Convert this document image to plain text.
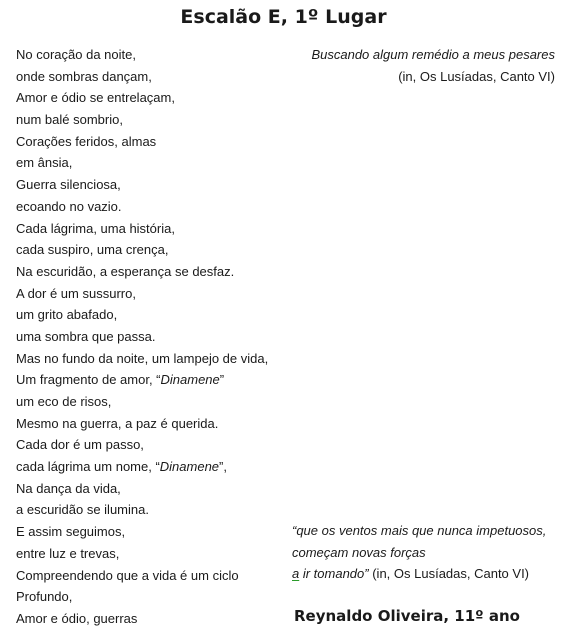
Escalão E, 1º Lugar
No coração da noite,
onde sombras dançam,
Amor e ódio se entrelaçam,
num balé sombrio,
Corações feridos, almas
em ânsia,
Guerra silenciosa,
ecoando no vazio.
Cada lágrima, uma história,
cada suspiro, uma crença,
Na escuridão, a esperança se desfaz.
A dor é um sussurro,
um grito abafado,
uma sombra que passa.
Mas no fundo da noite, um lampejo de vida,
Um fragmento de amor, “Dinamene”
um eco de risos,
Mesmo na guerra, a paz é querida.
Cada dor é um passo,
cada lágrima um nome, “Dinamene”,
Na dança da vida,
a escuridão se ilumina.
E assim seguimos,
entre luz e trevas,
Compreendendo que a vida é um ciclo
Profundo,
Amor e ódio, guerras
Buscando algum remédio a meus pesares
(in, Os Lusíadas, Canto VI)
“que os ventos mais que nunca impetuosos,
começam novas forças
a ir tomando” (in, Os Lusíadas, Canto VI)
Reynaldo Oliveira, 11º ano
